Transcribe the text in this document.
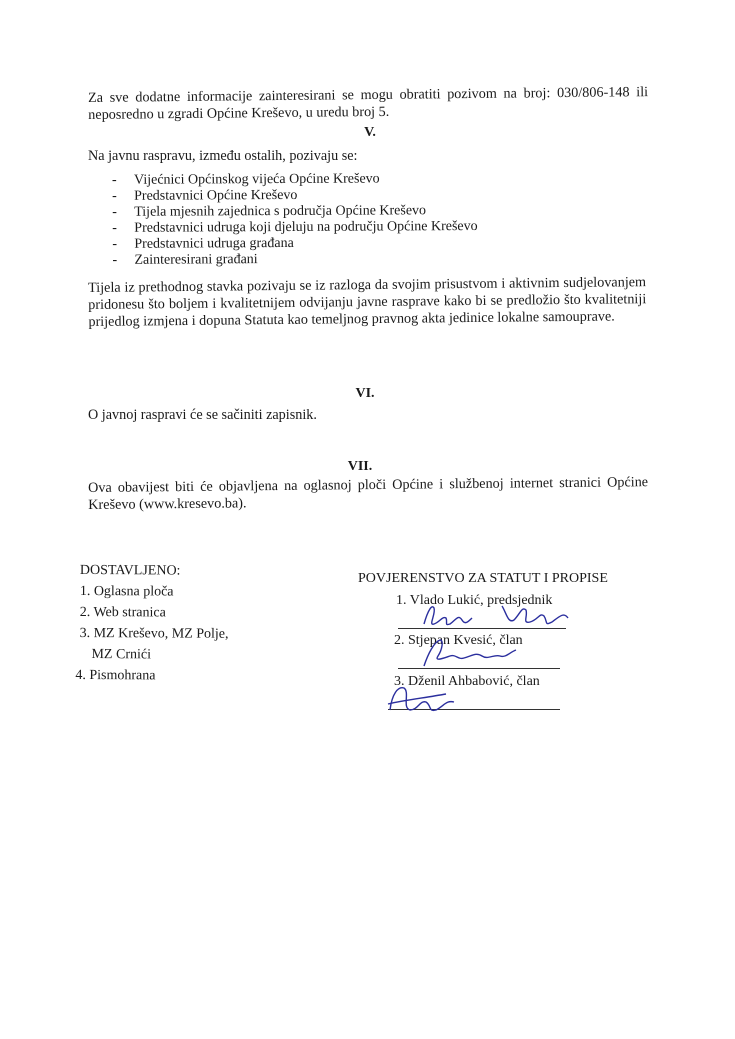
Za sve dodatne informacije zainteresirani se mogu obratiti pozivom na broj: 030/806-148 ili neposredno u zgradi Općine Kreševo, u uredu broj 5.
V.
Na javnu raspravu, između ostalih, pozivaju se:
- Vijećnici Općinskog vijeća Općine Kreševo
- Predstavnici Općine Kreševo
- Tijela mjesnih zajednica s područja Općine Kreševo
- Predstavnici udruga koji djeluju na području Općine Kreševo
- Predstavnici udruga građana
- Zainteresirani građani
Tijela iz prethodnog stavka pozivaju se iz razloga da svojim prisustvom i aktivnim sudjelovanjem pridonesu što boljem i kvalitetnijem odvijanju javne rasprave kako bi se predložio što kvalitetniji prijedlog izmjena i dopuna Statuta kao temeljnog pravnog akta jedinice lokalne samouprave.
VI.
O javnoj raspravi će se sačiniti zapisnik.
VII.
Ova obavijest biti će objavljena na oglasnoj ploči Općine i službenoj internet stranici Općine Kreševo (www.kresevo.ba).
DOSTAVLJENO:
1. Oglasna ploča
2. Web stranica
3. MZ Kreševo, MZ Polje,
MZ Crnići
4. Pismohrana
POVJERENSTVO ZA STATUT I PROPISE
1. Vlado Lukić, predsjednik
2. Stjepan Kvesić, član
3. Dženil Ahbabović, član
